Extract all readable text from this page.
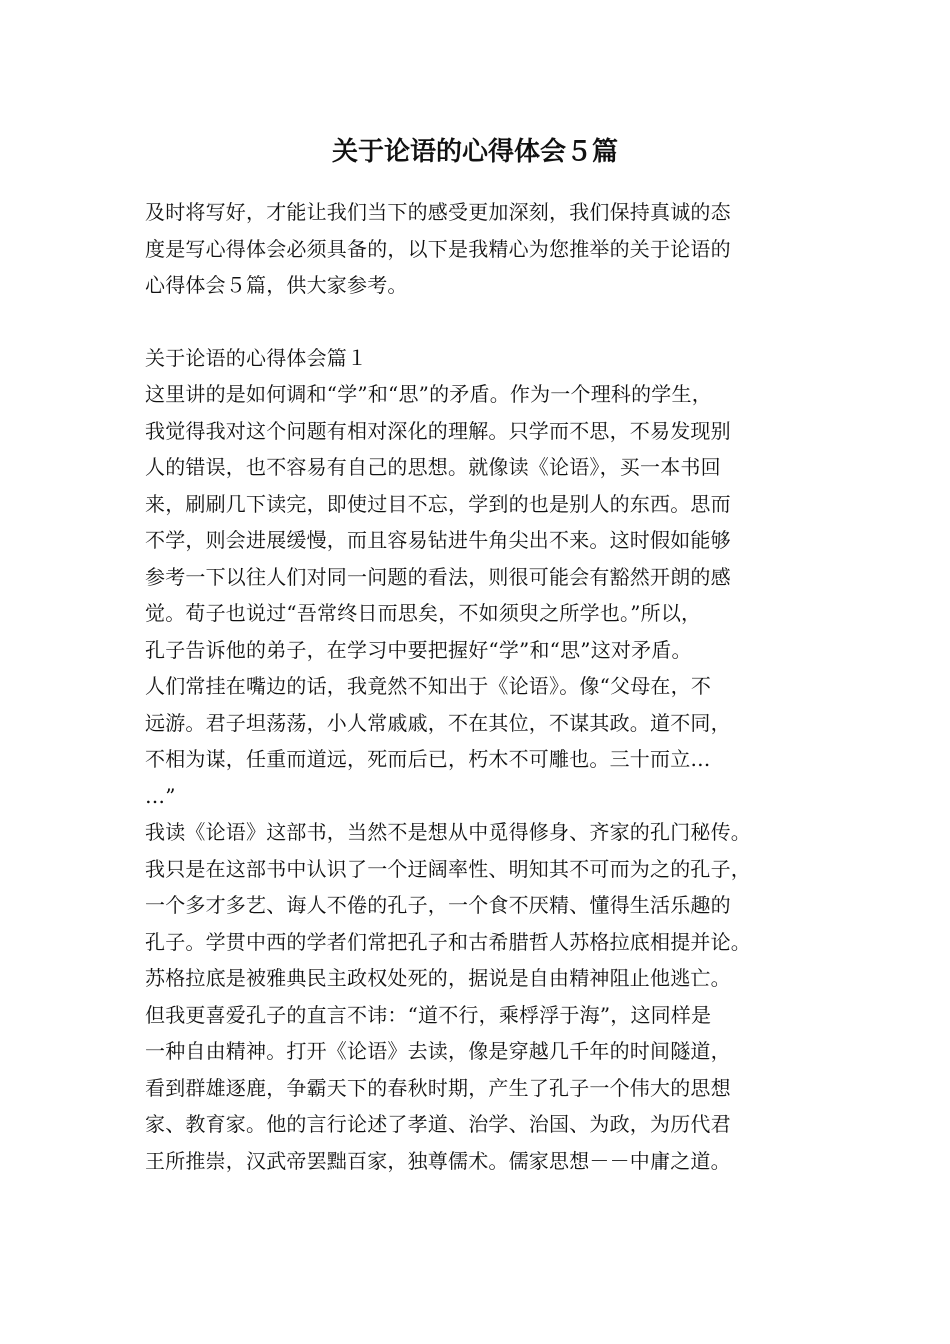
关于论语的心得体会５篇
及时将写好，才能让我们当下的感受更加深刻，我们保持真诚的态
度是写心得体会必须具备的，以下是我精心为您推举的关于论语的
心得体会５篇，供大家参考。
关于论语的心得体会篇１
这里讲的是如何调和“学”和“思”的矛盾。作为一个理科的学生，
我觉得我对这个问题有相对深化的理解。只学而不思，不易发现别
人的错误，也不容易有自己的思想。就像读《论语》，买一本书回
来，刷刷几下读完，即使过目不忘，学到的也是别人的东西。思而
不学，则会进展缓慢，而且容易钻进牛角尖出不来。这时假如能够
参考一下以往人们对同一问题的看法，则很可能会有豁然开朗的感
觉。荀子也说过“吾常终日而思矣，不如须臾之所学也。”所以，
孔子告诉他的弟子，在学习中要把握好“学”和“思”这对矛盾。
人们常挂在嘴边的话，我竟然不知出于《论语》。像“父母在，不
远游。君子坦荡荡，小人常戚戚，不在其位，不谋其政。道不同，
不相为谋，任重而道远，死而后已，朽木不可雕也。三十而立…
…”
我读《论语》这部书，当然不是想从中觅得修身、齐家的孔门秘传。
我只是在这部书中认识了一个迂阔率性、明知其不可而为之的孔子，
一个多才多艺、诲人不倦的孔子，一个食不厌精、懂得生活乐趣的
孔子。学贯中西的学者们常把孔子和古希腊哲人苏格拉底相提并论。
苏格拉底是被雅典民主政权处死的，据说是自由精神阻止他逃亡。
但我更喜爱孔子的直言不讳：“道不行，乘桴浮于海”，这同样是
一种自由精神。打开《论语》去读，像是穿越几千年的时间隧道，
看到群雄逐鹿，争霸天下的春秋时期，产生了孔子一个伟大的思想
家、教育家。他的言行论述了孝道、治学、治国、为政，为历代君
王所推崇，汉武帝罢黜百家，独尊儒术。儒家思想－－中庸之道。
